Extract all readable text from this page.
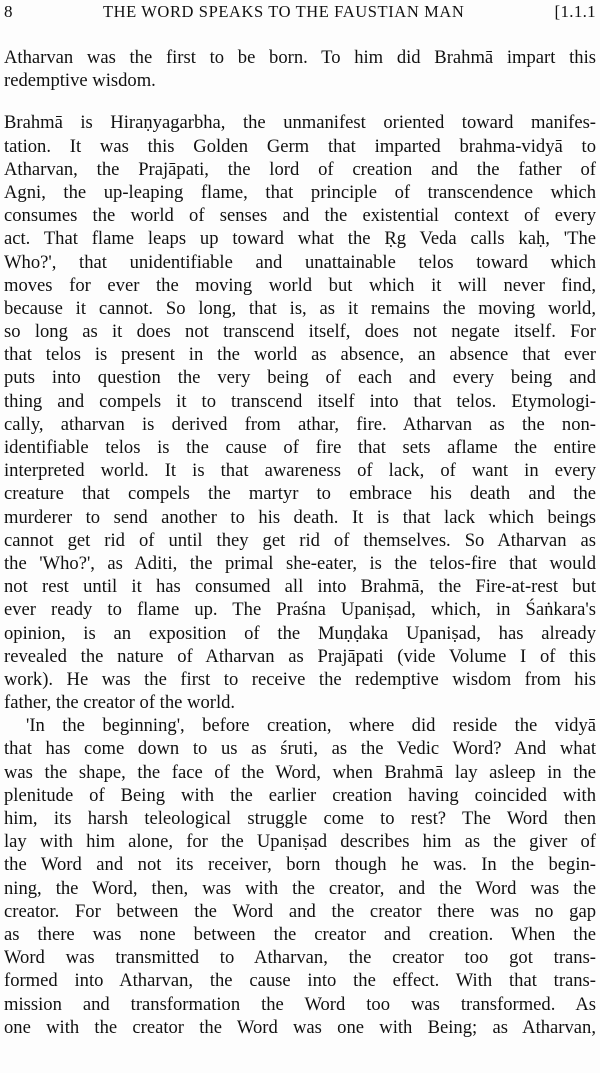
8	THE WORD SPEAKS TO THE FAUSTIAN MAN	[1.1.1

Atharvan was the first to be born. To him did Brahmā impart this
redemptive wisdom.

Brahmā is Hiraṇyagarbha, the unmanifest oriented toward manifes-
tation. It was this Golden Germ that imparted brahma-vidyā to
Atharvan, the Prajāpati, the lord of creation and the father of
Agni, the up-leaping flame, that principle of transcendence which
consumes the world of senses and the existential context of every
act. That flame leaps up toward what the Ṛg Veda calls kaḥ, 'The
Who?', that unidentifiable and unattainable telos toward which
moves for ever the moving world but which it will never find,
because it cannot. So long, that is, as it remains the moving world,
so long as it does not transcend itself, does not negate itself. For
that telos is present in the world as absence, an absence that ever
puts into question the very being of each and every being and
thing and compels it to transcend itself into that telos. Etymologi-
cally, atharvan is derived from athar, fire. Atharvan as the non-
identifiable telos is the cause of fire that sets aflame the entire
interpreted world. It is that awareness of lack, of want in every
creature that compels the martyr to embrace his death and the
murderer to send another to his death. It is that lack which beings
cannot get rid of until they get rid of themselves. So Atharvan as
the 'Who?', as Aditi, the primal she-eater, is the telos-fire that would
not rest until it has consumed all into Brahmā, the Fire-at-rest but
ever ready to flame up. The Praśna Upaniṣad, which, in Śaṅkara's
opinion, is an exposition of the Muṇḍaka Upaniṣad, has already
revealed the nature of Atharvan as Prajāpati (vide Volume I of this
work). He was the first to receive the redemptive wisdom from his
father, the creator of the world.

'In the beginning', before creation, where did reside the vidyā
that has come down to us as śruti, as the Vedic Word? And what
was the shape, the face of the Word, when Brahmā lay asleep in the
plenitude of Being with the earlier creation having coincided with
him, its harsh teleological struggle come to rest? The Word then
lay with him alone, for the Upaniṣad describes him as the giver of
the Word and not its receiver, born though he was. In the begin-
ning, the Word, then, was with the creator, and the Word was the
creator. For between the Word and the creator there was no gap
as there was none between the creator and creation. When the
Word was transmitted to Atharvan, the creator too got trans-
formed into Atharvan, the cause into the effect. With that trans-
mission and transformation the Word too was transformed. As
one with the creator the Word was one with Being; as Atharvan,
